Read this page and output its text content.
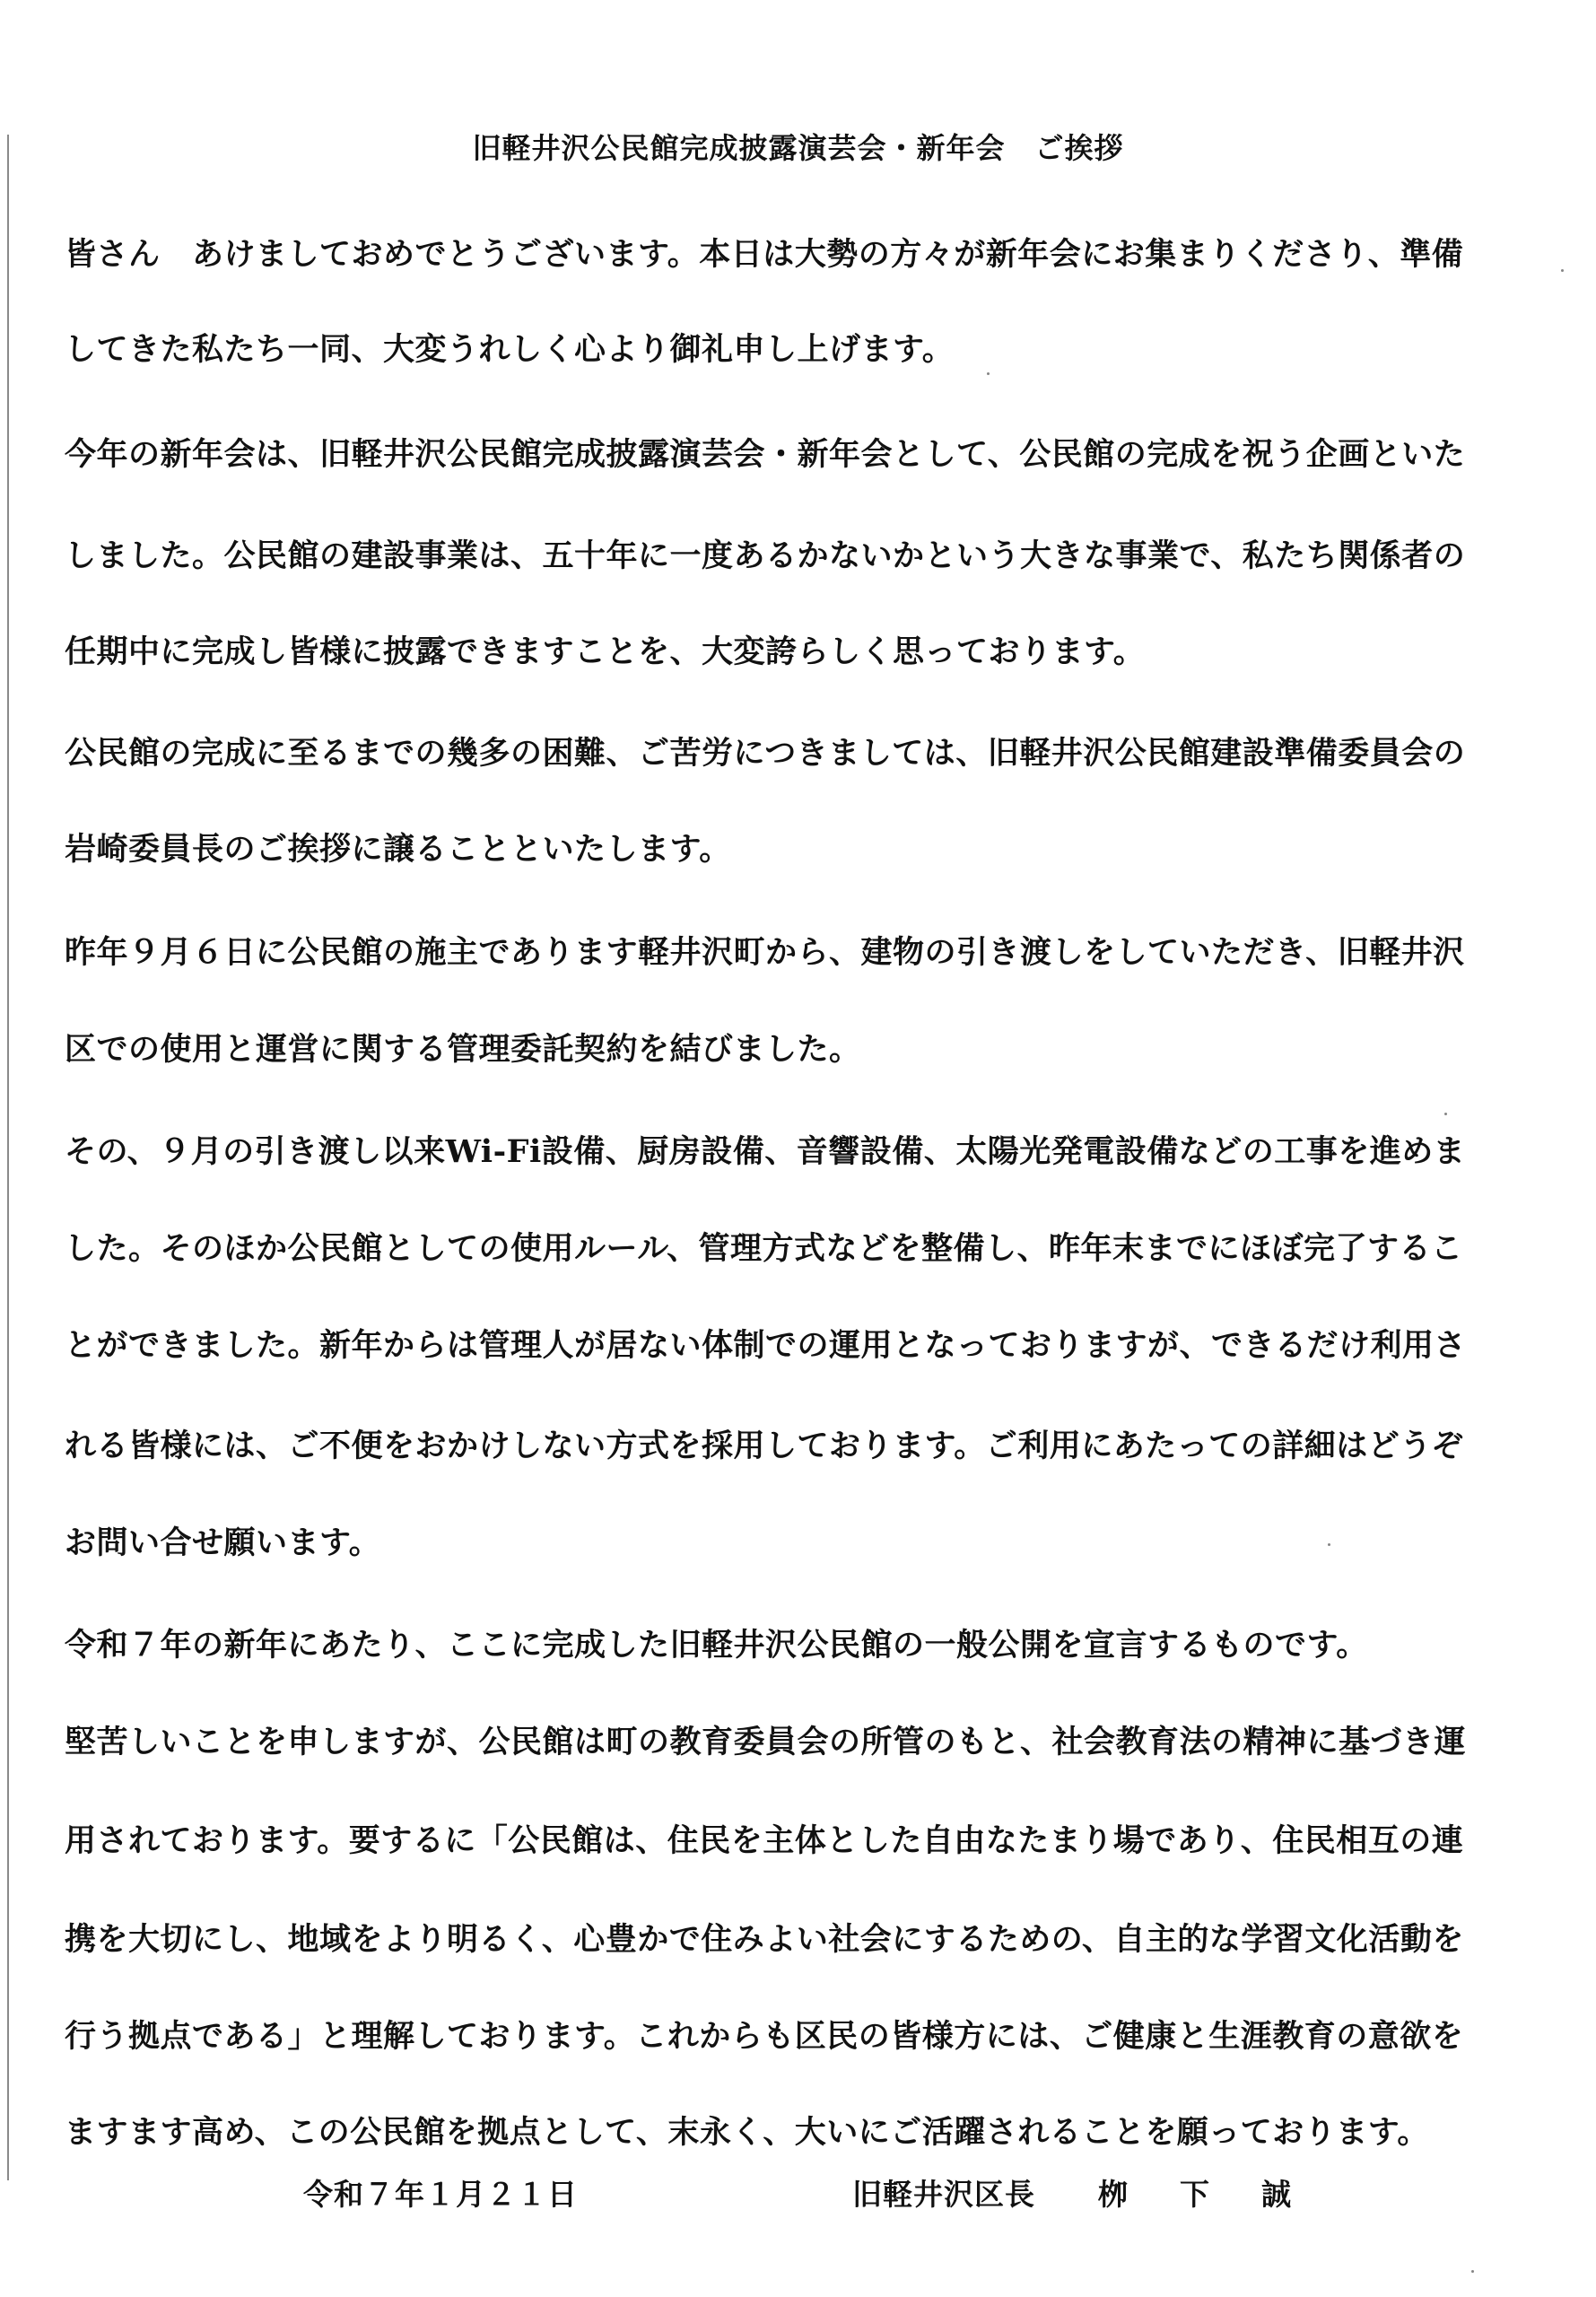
旧軽井沢公民館完成披露演芸会・新年会　ご挨拶
皆さん　あけましておめでとうございます。本日は大勢の方々が新年会にお集まりくださり、準備
してきた私たち一同、大変うれしく心より御礼申し上げます。
今年の新年会は、旧軽井沢公民館完成披露演芸会・新年会として、公民館の完成を祝う企画といた
しました。公民館の建設事業は、五十年に一度あるかないかという大きな事業で、私たち関係者の
任期中に完成し皆様に披露できますことを、大変誇らしく思っております。
公民館の完成に至るまでの幾多の困難、ご苦労につきましては、旧軽井沢公民館建設準備委員会の
岩崎委員長のご挨拶に譲ることといたします。
昨年９月６日に公民館の施主であります軽井沢町から、建物の引き渡しをしていただき、旧軽井沢
区での使用と運営に関する管理委託契約を結びました。
その、９月の引き渡し以来Wi-Fi設備、厨房設備、音響設備、太陽光発電設備などの工事を進めま
した。そのほか公民館としての使用ルール、管理方式などを整備し、昨年末までにほぼ完了するこ
とができました。新年からは管理人が居ない体制での運用となっておりますが、できるだけ利用さ
れる皆様には、ご不便をおかけしない方式を採用しております。ご利用にあたっての詳細はどうぞ
お問い合せ願います。
令和７年の新年にあたり、ここに完成した旧軽井沢公民館の一般公開を宣言するものです。
堅苦しいことを申しますが、公民館は町の教育委員会の所管のもと、社会教育法の精神に基づき運
用されております。要するに「公民館は、住民を主体とした自由なたまり場であり、住民相互の連
携を大切にし、地域をより明るく、心豊かで住みよい社会にするための、自主的な学習文化活動を
行う拠点である」と理解しております。これからも区民の皆様方には、ご健康と生涯教育の意欲を
ますます高め、この公民館を拠点として、末永く、大いにご活躍されることを願っております。
令和７年１月２１日	旧軽井沢区長 栁下誠
